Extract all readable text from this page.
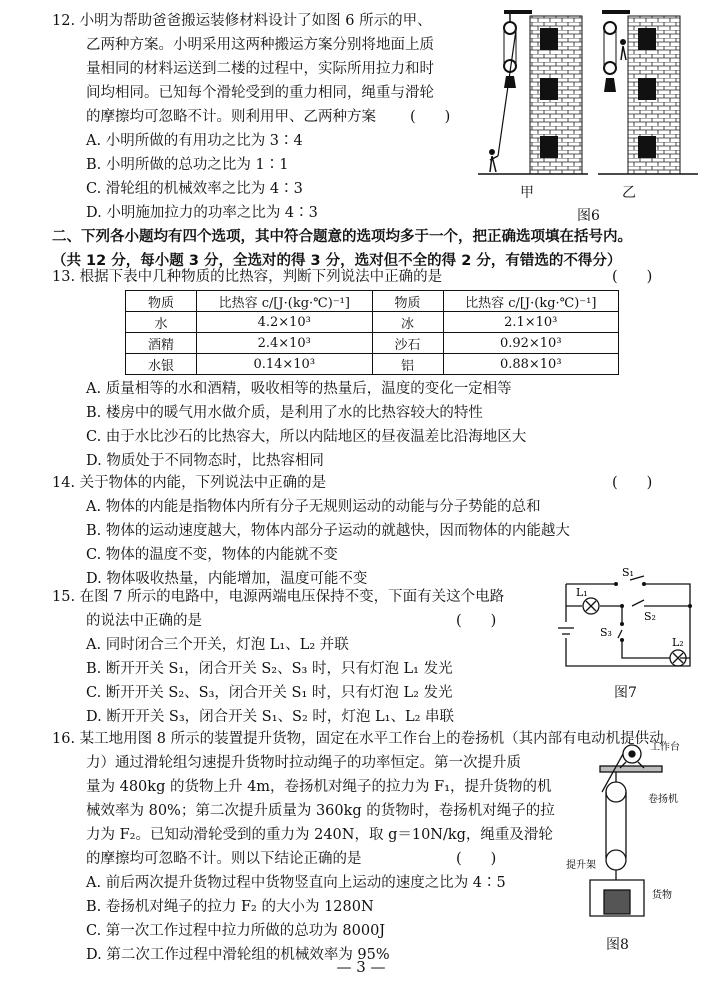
12. 小明为帮助爸爸搬运装修材料设计了如图 6 所示的甲、
乙两种方案。小明采用这两种搬运方案分别将地面上质
量相同的材料运送到二楼的过程中，实际所用拉力和时
间均相同。已知每个滑轮受到的重力相同，绳重与滑轮
的摩擦均可忽略不计。则利用甲、乙两种方案 (　　)
A. 小明所做的有用功之比为 3∶4
B. 小明所做的总功之比为 1∶1
C. 滑轮组的机械效率之比为 4∶3
D. 小明施加拉力的功率之比为 4∶3
甲	乙
图6
二、下列各小题均有四个选项，其中符合题意的选项均多于一个，把正确选项填在括号内。
（共 12 分，每小题 3 分，全选对的得 3 分，选对但不全的得 2 分，有错选的不得分）
13. 根据下表中几种物质的比热容，判断下列说法中正确的是	(　　)
物质	比热容 c/[J·(kg·℃)⁻¹]	物质	比热容 c/[J·(kg·℃)⁻¹]
水	4.2×10³	冰	2.1×10³
酒精	2.4×10³	沙石	0.92×10³
水银	0.14×10³	铝	0.88×10³
A. 质量相等的水和酒精，吸收相等的热量后，温度的变化一定相等
B. 楼房中的暖气用水做介质，是利用了水的比热容较大的特性
C. 由于水比沙石的比热容大，所以内陆地区的昼夜温差比沿海地区大
D. 物质处于不同物态时，比热容相同
14. 关于物体的内能，下列说法中正确的是	(　　)
A. 物体的内能是指物体内所有分子无规则运动的动能与分子势能的总和
B. 物体的运动速度越大，物体内部分子运动的就越快，因而物体的内能越大
C. 物体的温度不变，物体的内能就不变
D. 物体吸收热量，内能增加，温度可能不变
15. 在图 7 所示的电路中，电源两端电压保持不变，下面有关这个电路
的说法中正确的是	(　　)
A. 同时闭合三个开关，灯泡 L₁、L₂ 并联
B. 断开开关 S₁，闭合开关 S₂、S₃ 时，只有灯泡 L₁ 发光
C. 断开开关 S₂、S₃，闭合开关 S₁ 时，只有灯泡 L₂ 发光
D. 断开开关 S₃，闭合开关 S₁、S₂ 时，灯泡 L₁、L₂ 串联
S₁
L₁
S₂
S₃
L₂
图7
16. 某工地用图 8 所示的装置提升货物，固定在水平工作台上的卷扬机（其内部有电动机提供动
力）通过滑轮组匀速提升货物时拉动绳子的功率恒定。第一次提升质
量为 480kg 的货物上升 4m，卷扬机对绳子的拉力为 F₁，提升货物的机
械效率为 80%；第二次提升质量为 360kg 的货物时，卷扬机对绳子的拉
力为 F₂。已知动滑轮受到的重力为 240N，取 g＝10N/kg，绳重及滑轮
的摩擦均可忽略不计。则以下结论正确的是	(　　)
A. 前后两次提升货物过程中货物竖直向上运动的速度之比为 4∶5
B. 卷扬机对绳子的拉力 F₂ 的大小为 1280N
C. 第一次工作过程中拉力所做的总功为 8000J
D. 第二次工作过程中滑轮组的机械效率为 95%
工作台
卷扬机
提升架
货物
图8
— 3 —
